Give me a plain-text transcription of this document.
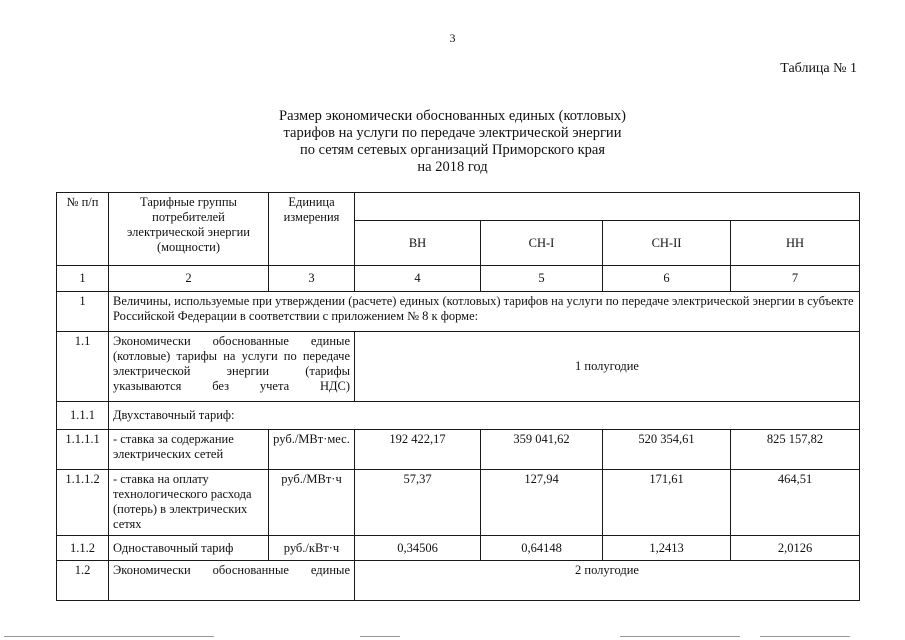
3
Таблица № 1
Размер экономически обоснованных единых (котловых)
тарифов на услуги по передаче электрической энергии
по сетям сетевых организаций Приморского края
на 2018 год
№ п/п	Тарифные группы потребителей электрической энергии (мощности)	Единица измерения				
			ВН	СН-I	СН-II	НН
1	2	3	4	5	6	7
1	Величины, используемые при утверждении (расчете) единых (котловых) тарифов на услуги по передаче электрической энергии в субъекте Российской Федерации в соответствии с приложением № 8 к форме:					
1.1	Экономически обоснованные единые (котловые) тарифы на услуги по передаче электрической энергии (тарифы указываются без учета НДС)		1 полугодие			
1.1.1	Двухставочный тариф:					
1.1.1.1	- ставка за содержание электрических сетей	руб./МВт·мес.	192 422,17	359 041,62	520 354,61	825 157,82
1.1.1.2	- ставка на оплату технологического расхода (потерь) в электрических сетях	руб./МВт·ч	57,37	127,94	171,61	464,51
1.1.2	Одноставочный тариф	руб./кВт·ч	0,34506	0,64148	1,2413	2,0126
1.2	Экономически обоснованные единые		2 полугодие			
